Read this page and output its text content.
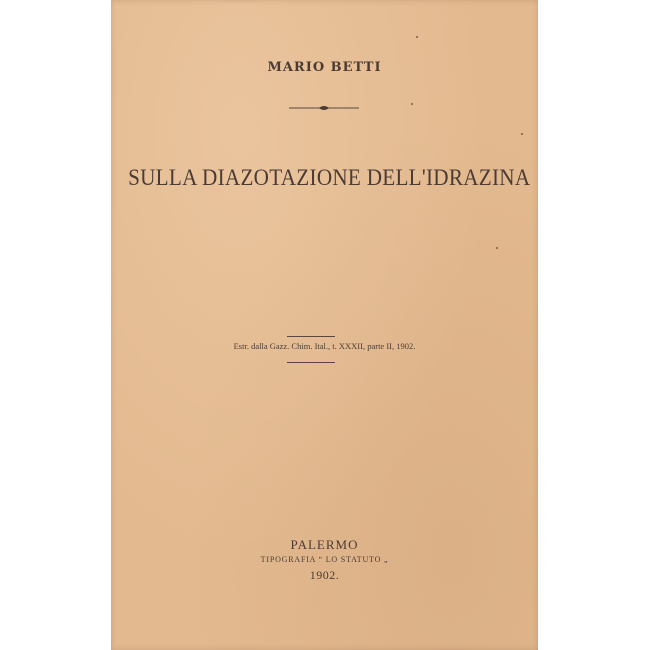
MARIO BETTI
SULLA DIAZOTAZIONE DELL'IDRAZINA
Estr. dalla Gazz. Chim. Ital., t. XXXII, parte II, 1902.
PALERMO
TIPOGRAFIA “ LO STATUTO „
1902.
